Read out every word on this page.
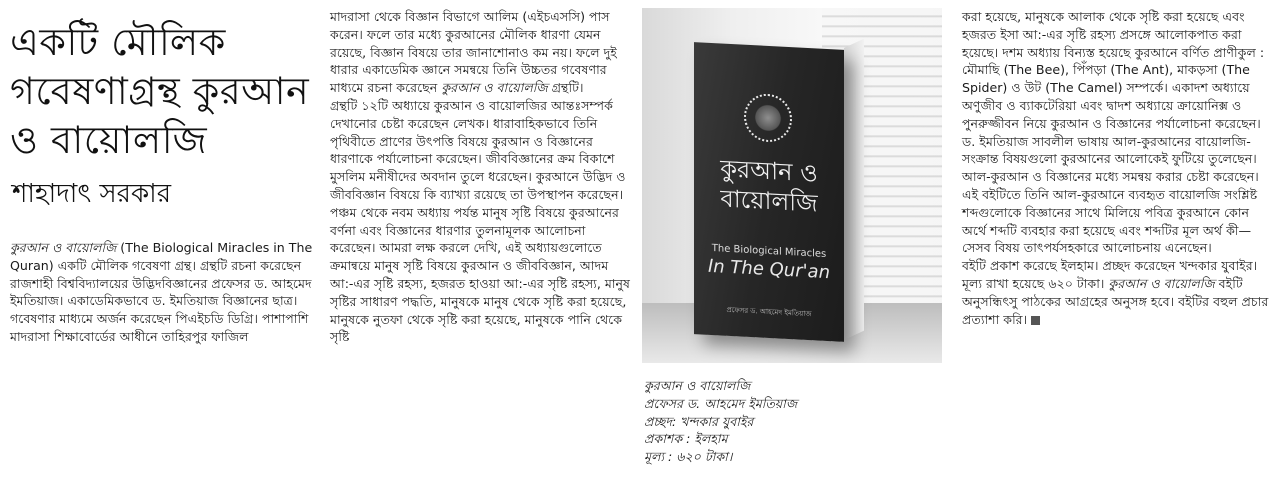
একটি মৌলিক গবেষণাগ্রন্থ কুরআন ও বায়োলজি
শাহাদাৎ সরকার

কুরআন ও বায়োলজি (The Biological Miracles in The Quran) একটি মৌলিক গবেষণা গ্রন্থ। গ্রন্থটি রচনা করেছেন রাজশাহী বিশ্ববিদ্যালয়ের উদ্ভিদবিজ্ঞানের প্রফেসর ড. আহমেদ ইমতিয়াজ। একাডেমিকভাবে ড. ইমতিয়াজ বিজ্ঞানের ছাত্র। গবেষণার মাধ্যমে অর্জন করেছেন পিএইচডি ডিগ্রি। পাশাপাশি মাদরাসা শিক্ষাবোর্ডের আধীনে তাহিরপুর ফাজিল

মাদরাসা থেকে বিজ্ঞান বিভাগে আলিম (এইচএসসি) পাস করেন। ফলে তার মধ্যে কুরআনের মৌলিক ধারণা যেমন রয়েছে, বিজ্ঞান বিষয়ে তার জানাশোনাও কম নয়। ফলে দুই ধারার একাডেমিক জ্ঞানে সমন্বয়ে তিনি উচ্চতর গবেষণার মাধ্যমে রচনা করেছেন কুরআন ও বায়োলজি গ্রন্থটি।

গ্রন্থটি ১২টি অধ্যায়ে কুরআন ও বায়োলজির আন্তঃসম্পর্ক দেখানোর চেষ্টা করেছেন লেখক। ধারাবাহিকভাবে তিনি পৃথিবীতে প্রাণের উৎপত্তি বিষয়ে কুরআন ও বিজ্ঞানের ধারণাকে পর্যালোচনা করেছেন। জীববিজ্ঞানের ক্রম বিকাশে মুসলিম মনীষীদের অবদান তুলে ধরেছেন। কুরআনে উদ্ভিদ ও জীববিজ্ঞান বিষয়ে কি ব্যাখ্যা রয়েছে তা উপস্থাপন করেছেন। পঞ্চম থেকে নবম অধ্যায় পর্যন্ত মানুষ সৃষ্টি বিষয়ে কুরআনের বর্ণনা এবং বিজ্ঞানের ধারণার তুলনামূলক আলোচনা করেছেন। আমরা লক্ষ করলে দেখি, এই অধ্যায়গুলোতে ক্রমান্বয়ে মানুষ সৃষ্টি বিষয়ে কুরআন ও জীববিজ্ঞান, আদম আ:-এর সৃষ্টি রহস্য, হজরত হাওয়া আ:-এর সৃষ্টি রহস্য, মানুষ সৃষ্টির সাধারণ পদ্ধতি, মানুষকে মানুষ থেকে সৃষ্টি করা হয়েছে, মানুষকে নুতফা থেকে সৃষ্টি করা হয়েছে, মানুষকে পানি থেকে সৃষ্টি

কুরআন ও বায়োলজি
The Biological Miracles
In The Qur'an
প্রফেসর ড. আহমেদ ইমতিয়াজ

কুরআন ও বায়োলজি

প্রফেসর ড. আহমেদ ইমতিয়াজ

প্রচ্ছদ: খন্দকার যুবাইর

প্রকাশক : ইলহাম

মূল্য : ৬২০ টাকা।

করা হয়েছে, মানুষকে আলাক থেকে সৃষ্টি করা হয়েছে এবং হজরত ইসা আ:-এর সৃষ্টি রহস্য প্রসঙ্গে আলোকপাত করা হয়েছে। দশম অধ্যায় বিন্যস্ত হয়েছে কুরআনে বর্ণিত প্রাণীকুল : মৌমাছি (The Bee), পিঁপড়া (The Ant), মাকড়সা (The Spider) ও উট (The Camel) সম্পর্কে। একাদশ অধ্যায়ে অণুজীব ও ব্যাকটেরিয়া এবং দ্বাদশ অধ্যায়ে ক্রায়োনিক্স ও পুনরুজ্জীবন নিয়ে কুরআন ও বিজ্ঞানের পর্যালোচনা করেছেন। ড. ইমতিয়াজ সাবলীল ভাষায় আল-কুরআনের বায়োলজি-সংক্রান্ত বিষয়গুলো কুরআনের আলোকেই ফুটিয়ে তুলেছেন।

আল-কুরআন ও বিজ্ঞানের মধ্যে সমন্বয় করার চেষ্টা করেছেন। এই বইটিতে তিনি আল-কুরআনে ব্যবহৃত বায়োলজি সংশ্লিষ্ট শব্দগুলোকে বিজ্ঞানের সাথে মিলিয়ে পবিত্র কুরআনে কোন অর্থে শব্দটি ব্যবহার করা হয়েছে এবং শব্দটির মূল অর্থ কী— সেসব বিষয় তাৎপর্যসহকারে আলোচনায় এনেছেন।

বইটি প্রকাশ করেছে ইলহাম। প্রচ্ছদ করেছেন খন্দকার যুবাইর। মূল্য রাখা হয়েছে ৬২০ টাকা। কুরআন ও বায়োলজি বইটি অনুসন্ধিৎসু পাঠকের আগ্রহের অনুসঙ্গ হবে। বইটির বহুল প্রচার প্রত্যাশা করি।
